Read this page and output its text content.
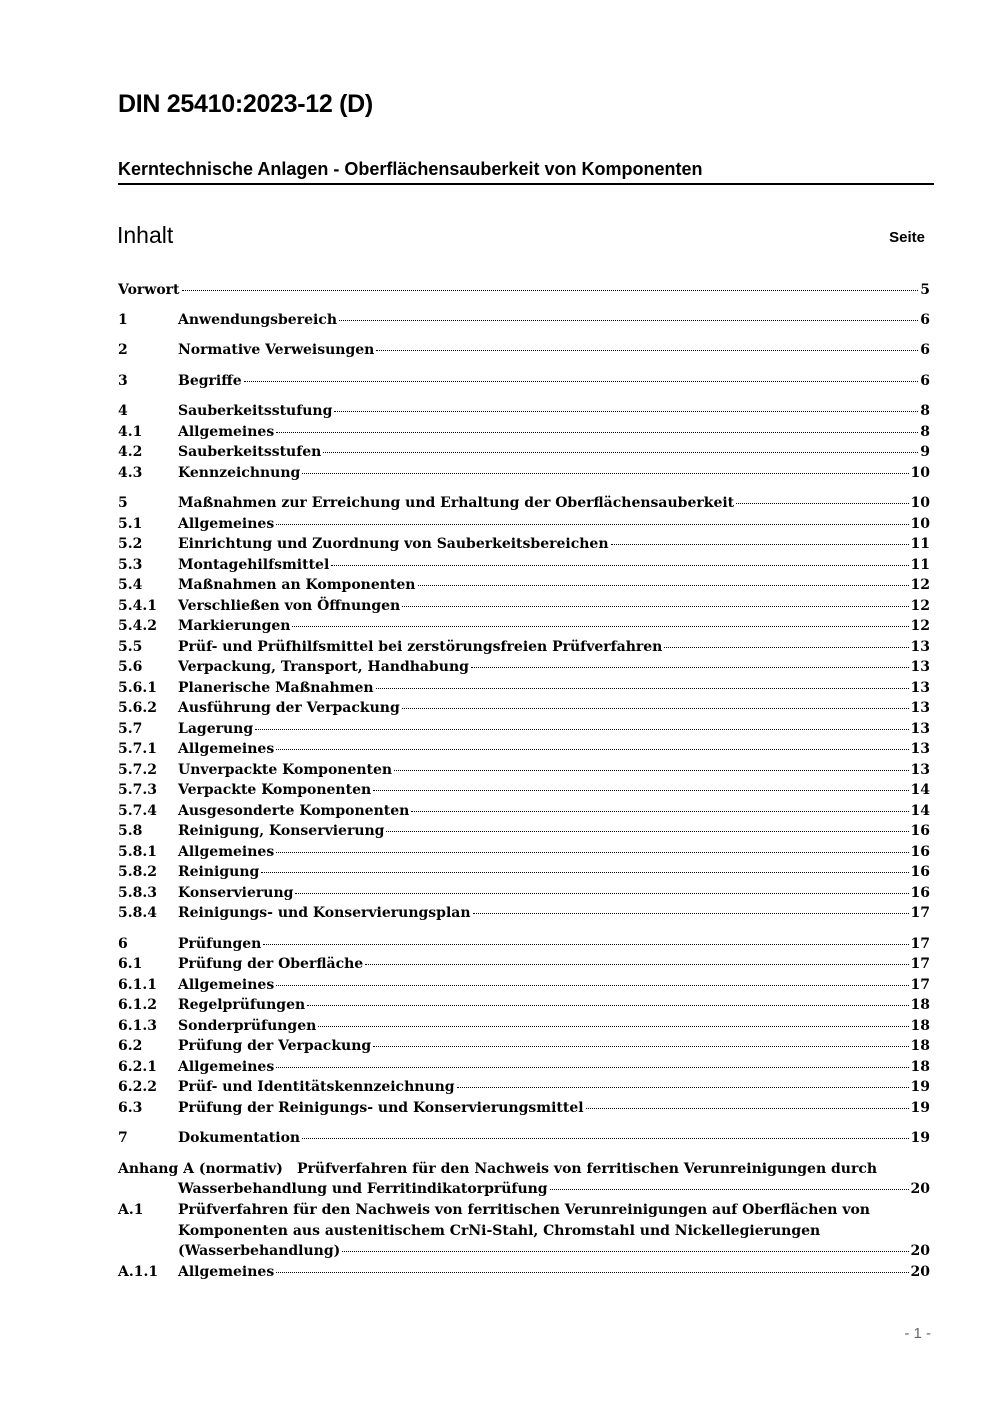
DIN 25410:2023-12 (D)
Kerntechnische Anlagen - Oberflächensauberkeit von Komponenten
Inhalt	Seite
Vorwort	5
1	Anwendungsbereich	6
2	Normative Verweisungen	6
3	Begriffe	6
4	Sauberkeitsstufung	8
4.1	Allgemeines	8
4.2	Sauberkeitsstufen	9
4.3	Kennzeichnung	10
5	Maßnahmen zur Erreichung und Erhaltung der Oberflächensauberkeit	10
5.1	Allgemeines	10
5.2	Einrichtung und Zuordnung von Sauberkeitsbereichen	11
5.3	Montagehilfsmittel	11
5.4	Maßnahmen an Komponenten	12
5.4.1 Verschließen von Öffnungen	12
5.4.2 Markierungen	12
5.5	Prüf- und Prüfhilfsmittel bei zerstörungsfreien Prüfverfahren	13
5.6	Verpackung, Transport, Handhabung	13
5.6.1 Planerische Maßnahmen	13
5.6.2 Ausführung der Verpackung	13
5.7	Lagerung	13
5.7.1 Allgemeines	13
5.7.2 Unverpackte Komponenten	13
5.7.3 Verpackte Komponenten	14
5.7.4 Ausgesonderte Komponenten	14
5.8	Reinigung, Konservierung	16
5.8.1 Allgemeines	16
5.8.2 Reinigung	16
5.8.3 Konservierung	16
5.8.4 Reinigungs- und Konservierungsplan	17
6	Prüfungen	17
6.1	Prüfung der Oberfläche	17
6.1.1 Allgemeines	17
6.1.2 Regelprüfungen	18
6.1.3 Sonderprüfungen	18
6.2	Prüfung der Verpackung	18
6.2.1 Allgemeines	18
6.2.2 Prüf- und Identitätskennzeichnung	19
6.3	Prüfung der Reinigungs- und Konservierungsmittel	19
7	Dokumentation	19
Anhang A (normativ) Prüfverfahren für den Nachweis von ferritischen Verunreinigungen durch
Wasserbehandlung und Ferritindikatorprüfung	20
A.1 Prüfverfahren für den Nachweis von ferritischen Verunreinigungen auf Oberflächen von
Komponenten aus austenitischem CrNi-Stahl, Chromstahl und Nickellegierungen
(Wasserbehandlung)	20
A.1.1 Allgemeines	20
- 1 -
